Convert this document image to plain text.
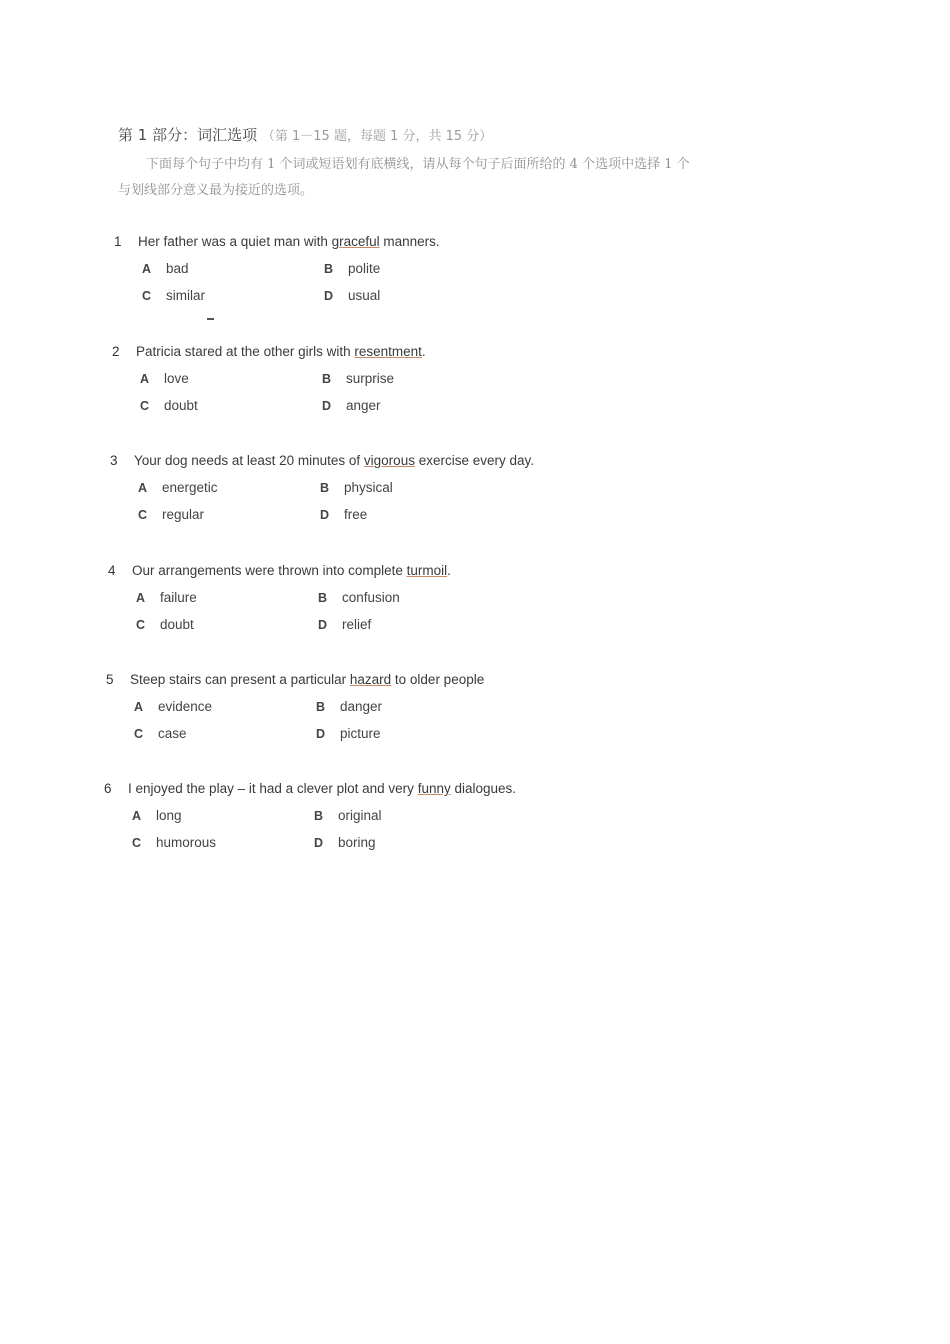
第 1 部分：词汇选项 （第 1－15 题，每题 1 分，共 15 分）
下面每个句子中均有 1 个词或短语划有底横线，请从每个句子后面所给的 4 个选项中选择 1 个与划线部分意义最为接近的选项。
1 Her father was a quiet man with graceful manners.
A bad	B polite
C similar	D usual
2 Patricia stared at the other girls with resentment.
A love	B surprise
C doubt	D anger
3 Your dog needs at least 20 minutes of vigorous exercise every day.
A energetic	B physical
C regular	D free
4 Our arrangements were thrown into complete turmoil.
A failure	B confusion
C doubt	D relief
5 Steep stairs can present a particular hazard to older people
A evidence	B danger
C case	D picture
6 I enjoyed the play – it had a clever plot and very funny dialogues.
A long	B original
C humorous	D boring
